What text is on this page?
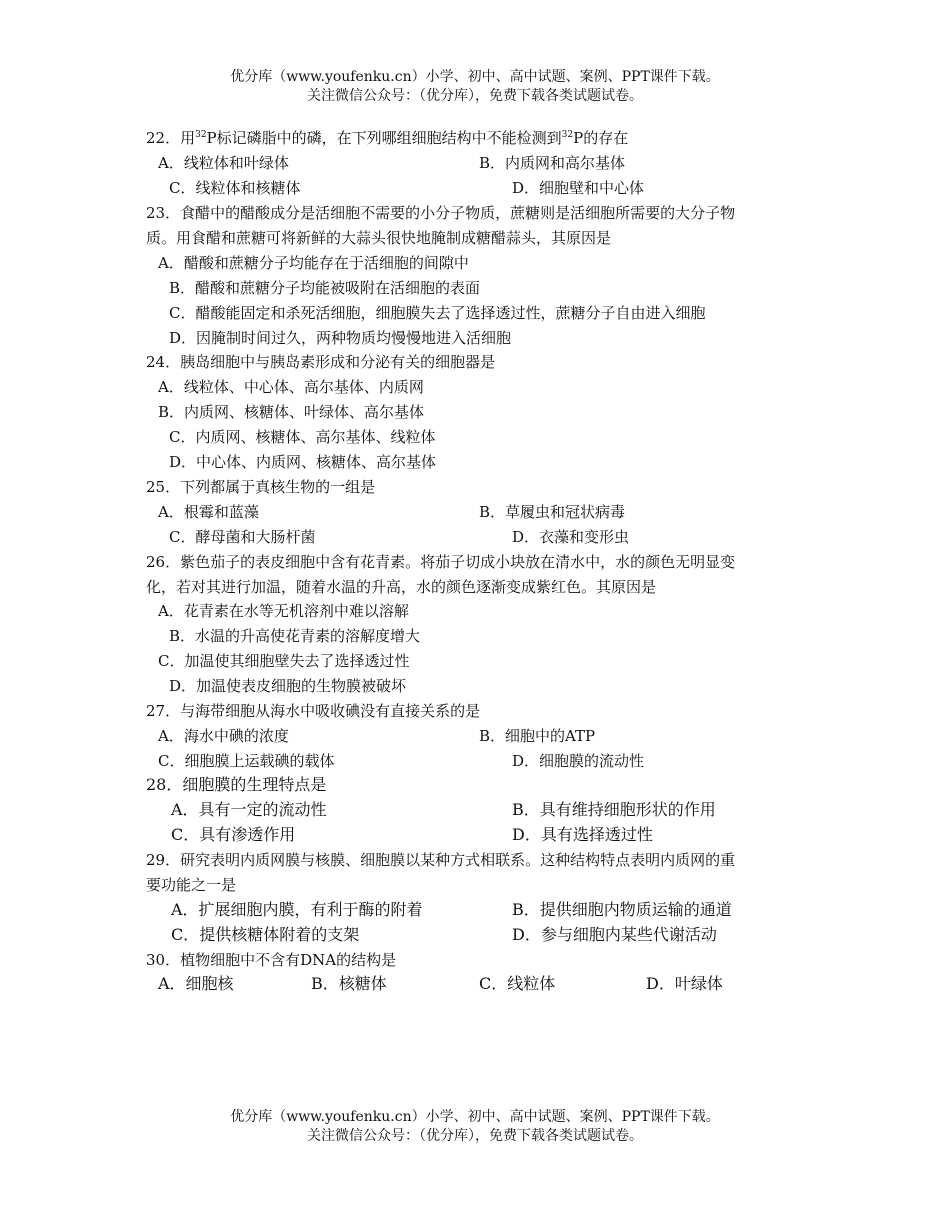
优分库（www.youfenku.cn）小学、初中、高中试题、案例、PPT课件下载。
关注微信公众号：（优分库），免费下载各类试题试卷。
22．用$^{32}$P标记磷脂中的磷，在下列哪组细胞结构中不能检测到$^{32}$P的存在
A．线粒体和叶绿体	B．内质网和高尔基体
C．线粒体和核糖体	D．细胞壁和中心体
23．食醋中的醋酸成分是活细胞不需要的小分子物质，蔗糖则是活细胞所需要的大分子物
质。用食醋和蔗糖可将新鲜的大蒜头很快地腌制成糖醋蒜头，其原因是
A．醋酸和蔗糖分子均能存在于活细胞的间隙中
B．醋酸和蔗糖分子均能被吸附在活细胞的表面
C．醋酸能固定和杀死活细胞，细胞膜失去了选择透过性，蔗糖分子自由进入细胞
D．因腌制时间过久，两种物质均慢慢地进入活细胞
24．胰岛细胞中与胰岛素形成和分泌有关的细胞器是
A．线粒体、中心体、高尔基体、内质网
B．内质网、核糖体、叶绿体、高尔基体
C．内质网、核糖体、高尔基体、线粒体
D．中心体、内质网、核糖体、高尔基体
25．下列都属于真核生物的一组是
A．根霉和蓝藻	B．草履虫和冠状病毒
C．酵母菌和大肠杆菌	D．衣藻和变形虫
26．紫色茄子的表皮细胞中含有花青素。将茄子切成小块放在清水中，水的颜色无明显变
化，若对其进行加温，随着水温的升高，水的颜色逐渐变成紫红色。其原因是
A．花青素在水等无机溶剂中难以溶解
B．水温的升高使花青素的溶解度增大
C．加温使其细胞壁失去了选择透过性
D．加温使表皮细胞的生物膜被破坏
27．与海带细胞从海水中吸收碘没有直接关系的是
A．海水中碘的浓度	B．细胞中的ATP
C．细胞膜上运载碘的载体	D．细胞膜的流动性
28．细胞膜的生理特点是
A．具有一定的流动性	B．具有维持细胞形状的作用
C．具有渗透作用	D．具有选择透过性
29．研究表明内质网膜与核膜、细胞膜以某种方式相联系。这种结构特点表明内质网的重
要功能之一是
A．扩展细胞内膜，有利于酶的附着	B．提供细胞内物质运输的通道
C．提供核糖体附着的支架	D．参与细胞内某些代谢活动
30．植物细胞中不含有DNA的结构是
A．细胞核	B．核糖体	C．线粒体	D．叶绿体
优分库（www.youfenku.cn）小学、初中、高中试题、案例、PPT课件下载。
关注微信公众号：（优分库），免费下载各类试题试卷。
